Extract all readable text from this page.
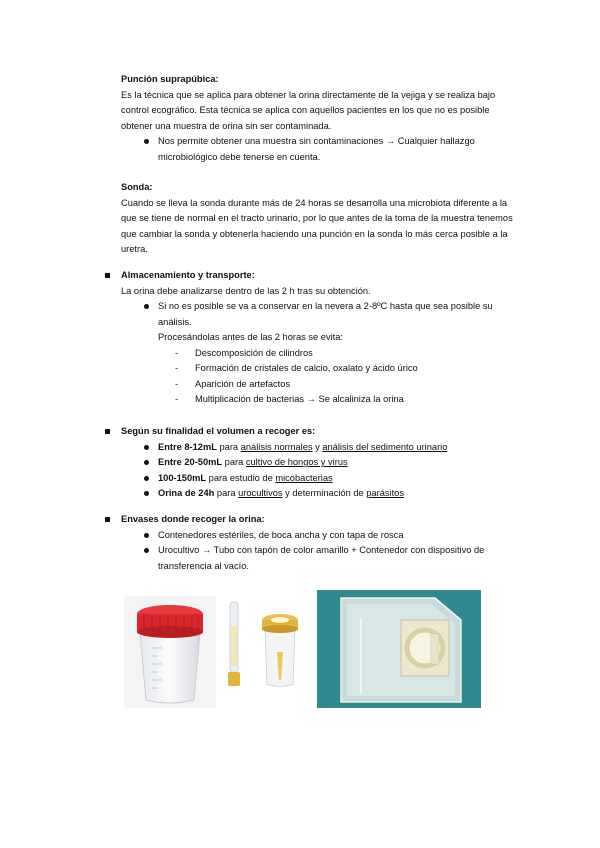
Punción suprapúbica:

Es la técnica que se aplica para obtener la orina directamente de la vejiga y se realiza bajo control ecográfico. Esta técnica se aplica con aquellos pacientes en los que no es posible obtener una muestra de orina sin ser contaminada.

Nos permite obtener una muestra sin contaminaciones → Cualquier hallazgo microbiológico debe tenerse en cuenta.

Sonda:

Cuando se lleva la sonda durante más de 24 horas se desarrolla una microbiota diferente a la que se tiene de normal en el tracto urinario, por lo que antes de la toma de la muestra tenemos que cambiar la sonda y obtenerla haciendo una punción en la sonda lo más cerca posible a la uretra.

Almacenamiento y transporte:

La orina debe analizarse dentro de las 2 h tras su obtención.

Si no es posible se va a conservar en la nevera a 2-8ºC hasta que sea posible su análisis.

Procesándolas antes de las 2 horas se evita:

- Descomposición de cilindros

- Formación de cristales de calcio, oxalato y ácido úrico

- Aparición de artefactos

- Multiplicación de bacterias → Se alcaliniza la orina

Según su finalidad el volumen a recoger es:

Entre 8-12mL para análisis normales y análisis del sedimento urinario

Entre 20-50mL para cultivo de hongos y virus

100-150mL para estudio de micobacterias

Orina de 24h para urocultivos y determinación de parásitos

Envases donde recoger la orina:

Contenedores estériles, de boca ancha y con tapa de rosca

Urocultivo → Tubo con tapón de color amarillo + Contenedor con dispositivo de transferencia al vacío.
